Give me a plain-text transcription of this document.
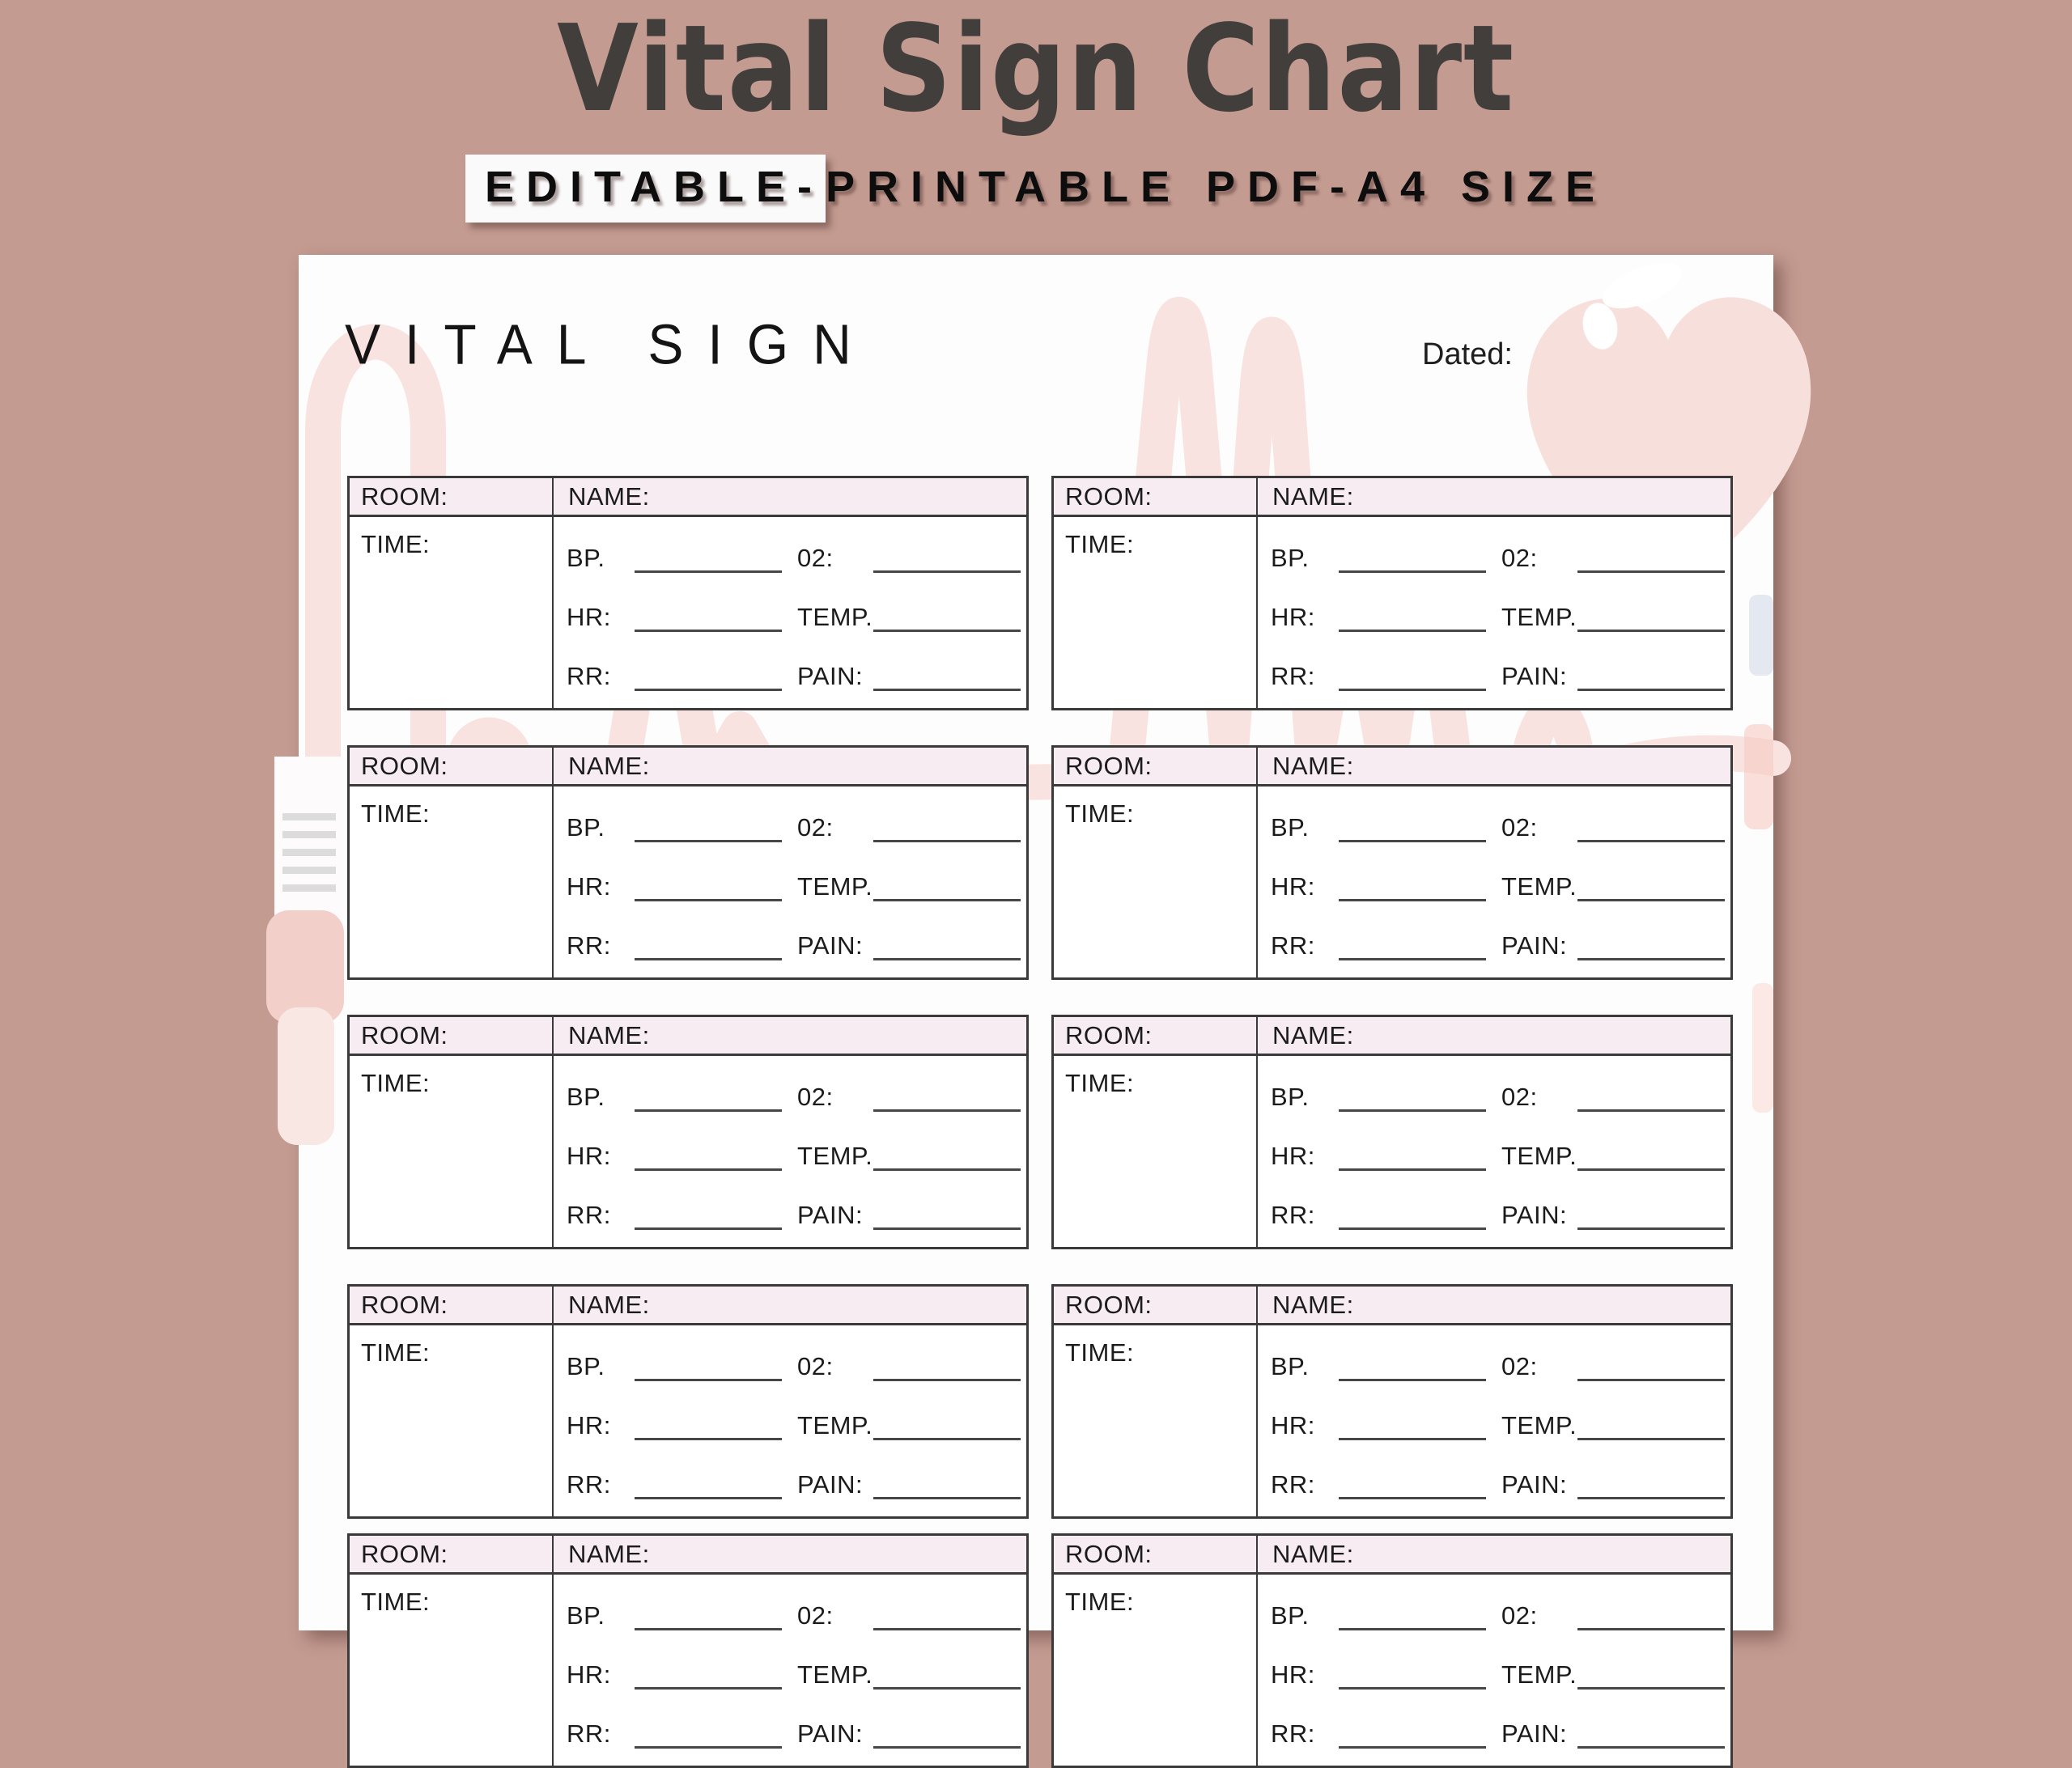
Vital Sign Chart
EDITABLE-PRINTABLE PDF-A4 SIZE
VITAL SIGN	Dated:
ROOM:	NAME:
TIME:	BP.	02:
HR:	TEMP.
RR:	PAIN:
ROOM:	NAME:
TIME:	BP.	02:
HR:	TEMP.
RR:	PAIN:
ROOM:	NAME:
TIME:	BP.	02:
HR:	TEMP.
RR:	PAIN:
ROOM:	NAME:
TIME:	BP.	02:
HR:	TEMP.
RR:	PAIN:
ROOM:	NAME:
TIME:	BP.	02:
HR:	TEMP.
RR:	PAIN:
ROOM:	NAME:
TIME:	BP.	02:
HR:	TEMP.
RR:	PAIN:
ROOM:	NAME:
TIME:	BP.	02:
HR:	TEMP.
RR:	PAIN:
ROOM:	NAME:
TIME:	BP.	02:
HR:	TEMP.
RR:	PAIN:
ROOM:	NAME:
TIME:	BP.	02:
HR:	TEMP.
RR:	PAIN:
ROOM:	NAME:
TIME:	BP.	02:
HR:	TEMP.
RR:	PAIN:
